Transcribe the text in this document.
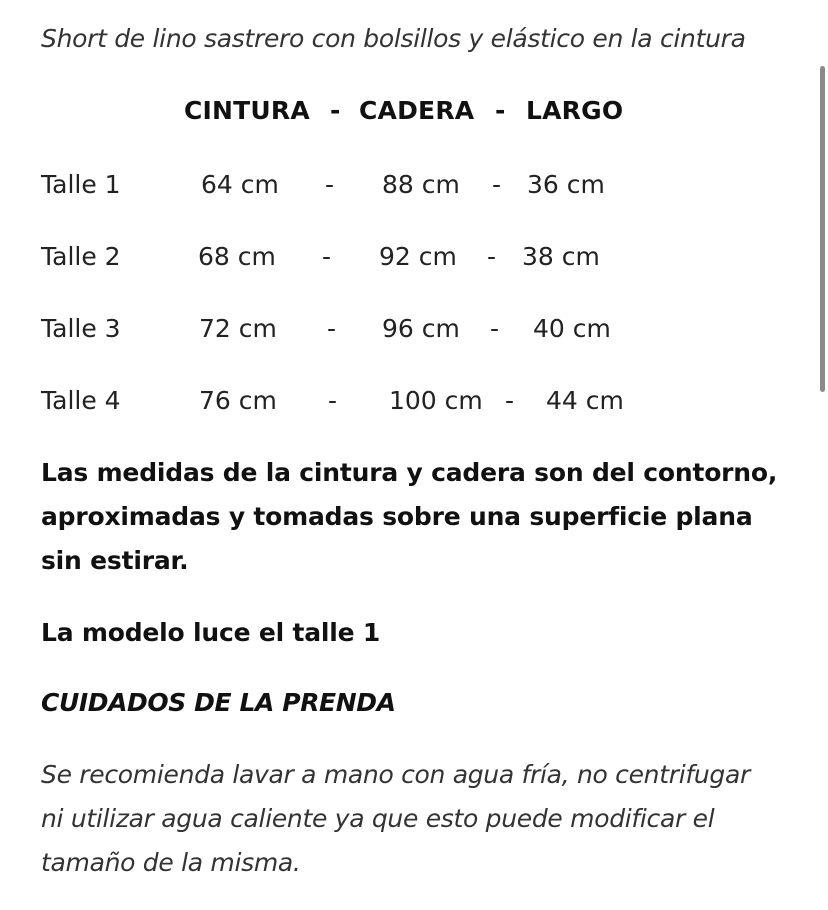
Short de lino sastrero con bolsillos y elástico en la cintura
CINTURA - CADERA - LARGO
Talle 1	64 cm - 88 cm - 36 cm
Talle 2	68 cm - 92 cm - 38 cm
Talle 3	72 cm - 96 cm - 40 cm
Talle 4	76 cm - 100 cm - 44 cm
Las medidas de la cintura y cadera son del contorno,
aproximadas y tomadas sobre una superficie plana
sin estirar.
La modelo luce el talle 1
CUIDADOS DE LA PRENDA
Se recomienda lavar a mano con agua fría, no centrifugar
ni utilizar agua caliente ya que esto puede modificar el
tamaño de la misma.
